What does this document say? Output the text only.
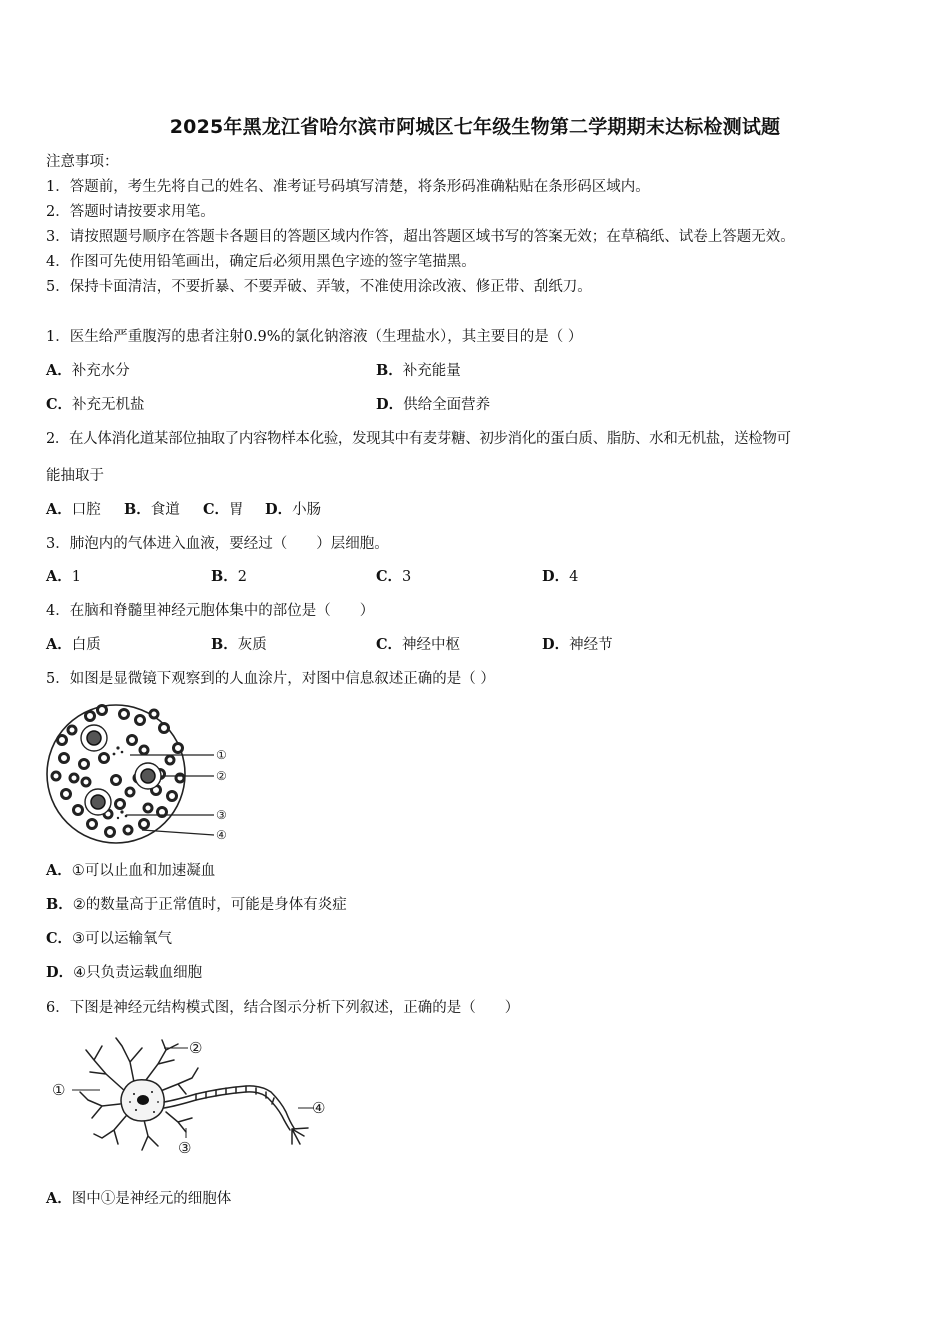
2025年黑龙江省哈尔滨市阿城区七年级生物第二学期期末达标检测试题
注意事项：
1．答题前，考生先将自己的姓名、准考证号码填写清楚，将条形码准确粘贴在条形码区域内。
2．答题时请按要求用笔。
3．请按照题号顺序在答题卡各题目的答题区域内作答，超出答题区域书写的答案无效；在草稿纸、试卷上答题无效。
4．作图可先使用铅笔画出，确定后必须用黑色字迹的签字笔描黑。
5．保持卡面清洁，不要折暴、不要弄破、弄皱，不准使用涂改液、修正带、刮纸刀。
1．医生给严重腹泻的患者注射0.9%的氯化钠溶液（生理盐水），其主要目的是（ ）
A．补充水分	B．补充能量
C．补充无机盐	D．供给全面营养
2．在人体消化道某部位抽取了内容物样本化验，发现其中有麦芽糖、初步消化的蛋白质、脂肪、水和无机盐，送检物可
能抽取于
A．口腔 B．食道 C．胃 D．小肠
3．肺泡内的气体进入血液，要经过（　　）层细胞。
A．1	B．2	C．3	D．4
4．在脑和脊髓里神经元胞体集中的部位是（　　）
A．白质	B．灰质	C．神经中枢	D．神经节
5．如图是显微镜下观察到的人血涂片，对图中信息叙述正确的是（ ）
①
②
③
④
A．①可以止血和加速凝血
B．②的数量高于正常值时，可能是身体有炎症
C．③可以运输氧气
D．④只负责运载血细胞
6．下图是神经元结构模式图，结合图示分析下列叙述，正确的是（　　）
①
②
③
④
A．图中①是神经元的细胞体
